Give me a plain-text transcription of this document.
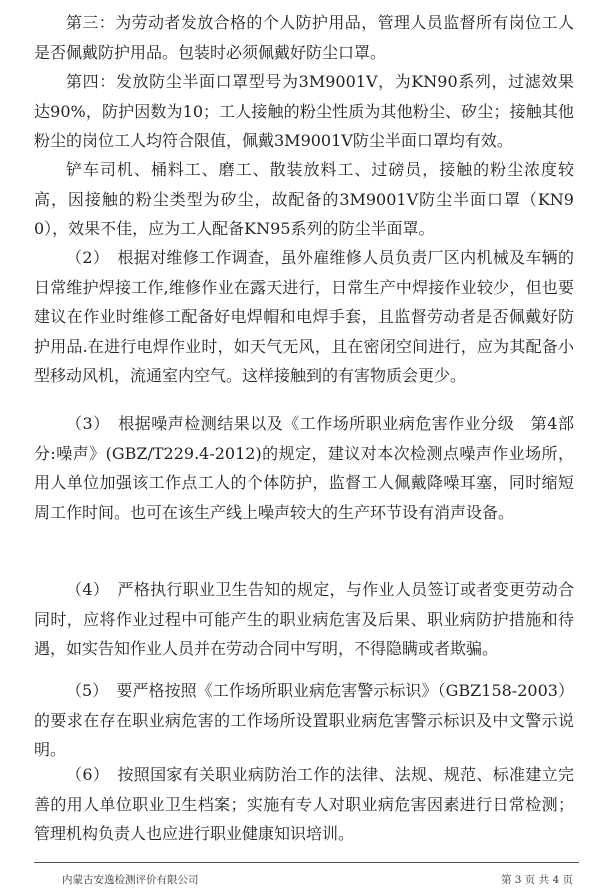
第三：为劳动者发放合格的个人防护用品，管理人员监督所有岗位工人是否佩戴防护用品。包装时必须佩戴好防尘口罩。

第四：发放防尘半面口罩型号为3M9001V，为KN90系列，过滤效果达90%，防护因数为10；工人接触的粉尘性质为其他粉尘、矽尘；接触其他粉尘的岗位工人均符合限值，佩戴3M9001V防尘半面口罩均有效。

铲车司机、桶料工、磨工、散装放料工、过磅员，接触的粉尘浓度较高，因接触的粉尘类型为矽尘，故配备的3M9001V防尘半面口罩（KN90），效果不佳，应为工人配备KN95系列的防尘半面罩。

（2）　根据对维修工作调查，虽外雇维修人员负责厂区内机械及车辆的日常维护焊接工作,维修作业在露天进行，日常生产中焊接作业较少，但也要建议在作业时维修工配备好电焊帽和电焊手套，且监督劳动者是否佩戴好防护用品.在进行电焊作业时，如天气无风，且在密闭空间进行，应为其配备小型移动风机，流通室内空气。这样接触到的有害物质会更少。

（3）　根据噪声检测结果以及《工作场所职业病危害作业分级　第4部分:噪声》(GBZ/T229.4-2012)的规定，建议对本次检测点噪声作业场所，用人单位加强该工作点工人的个体防护，监督工人佩戴降噪耳塞，同时缩短周工作时间。也可在该生产线上噪声较大的生产环节设有消声设备。

（4）　严格执行职业卫生告知的规定，与作业人员签订或者变更劳动合同时，应将作业过程中可能产生的职业病危害及后果、职业病防护措施和待遇，如实告知作业人员并在劳动合同中写明，不得隐瞒或者欺骗。

（5）　要严格按照《工作场所职业病危害警示标识》（GBZ158-2003）的要求在存在职业病危害的工作场所设置职业病危害警示标识及中文警示说明。

（6）　按照国家有关职业病防治工作的法律、法规、规范、标准建立完善的用人单位职业卫生档案；实施有专人对职业病危害因素进行日常检测；管理机构负责人也应进行职业健康知识培训。

内蒙古安逸检测评价有限公司	第 3 页 共 4 页
